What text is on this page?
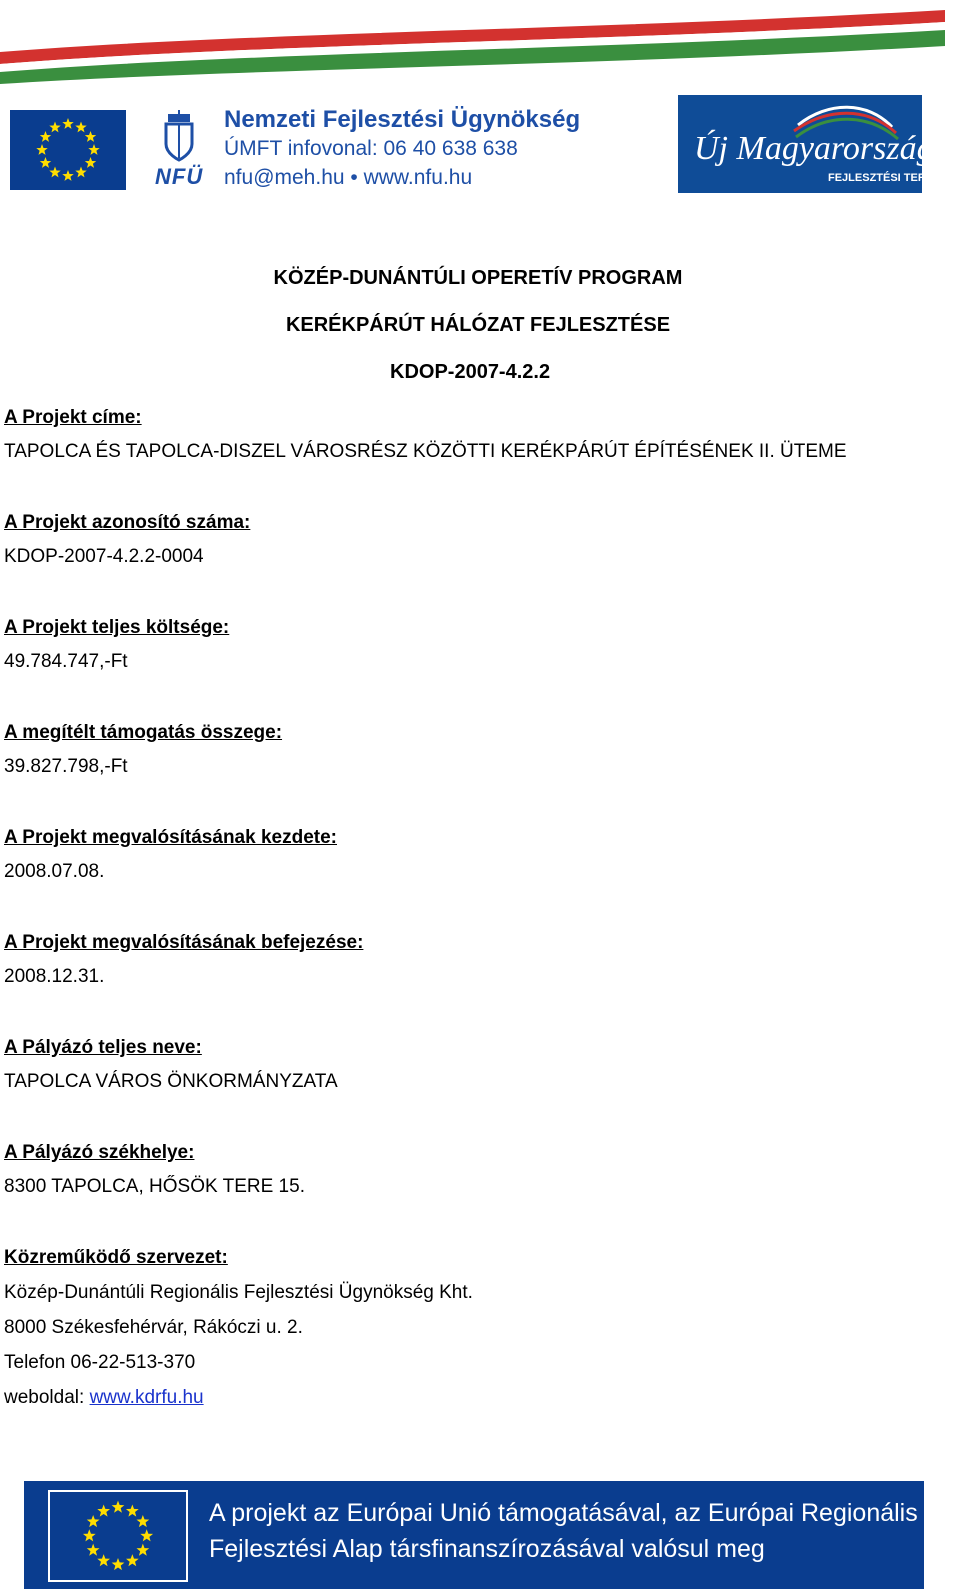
NFÜ
Nemzeti Fejlesztési Ügynökség
ÚMFT infovonal: 06 40 638 638
nfu@meh.hu • www.nfu.hu
Új Magyarország
FEJLESZTÉSI TERV
KÖZÉP-DUNÁNTÚLI OPERETÍV PROGRAM
KERÉKPÁRÚT HÁLÓZAT FEJLESZTÉSE
KDOP-2007-4.2.2
A Projekt címe:
TAPOLCA ÉS TAPOLCA-DISZEL VÁROSRÉSZ KÖZÖTTI KERÉKPÁRÚT ÉPÍTÉSÉNEK II. ÜTEME
A Projekt azonosító száma:
KDOP-2007-4.2.2-0004
A Projekt teljes költsége:
49.784.747,-Ft
A megítélt támogatás összege:
39.827.798,-Ft
A Projekt megvalósításának kezdete:
2008.07.08.
A Projekt megvalósításának befejezése:
2008.12.31.
A Pályázó teljes neve:
TAPOLCA VÁROS ÖNKORMÁNYZATA
A Pályázó székhelye:
8300 TAPOLCA, HŐSÖK TERE 15.
Közreműködő szervezet:
Közép-Dunántúli Regionális Fejlesztési Ügynökség Kht.
8000 Székesfehérvár, Rákóczi u. 2.
Telefon 06-22-513-370
weboldal: www.kdrfu.hu
A projekt az Európai Unió támogatásával, az Európai Regionális
Fejlesztési Alap társfinanszírozásával valósul meg
